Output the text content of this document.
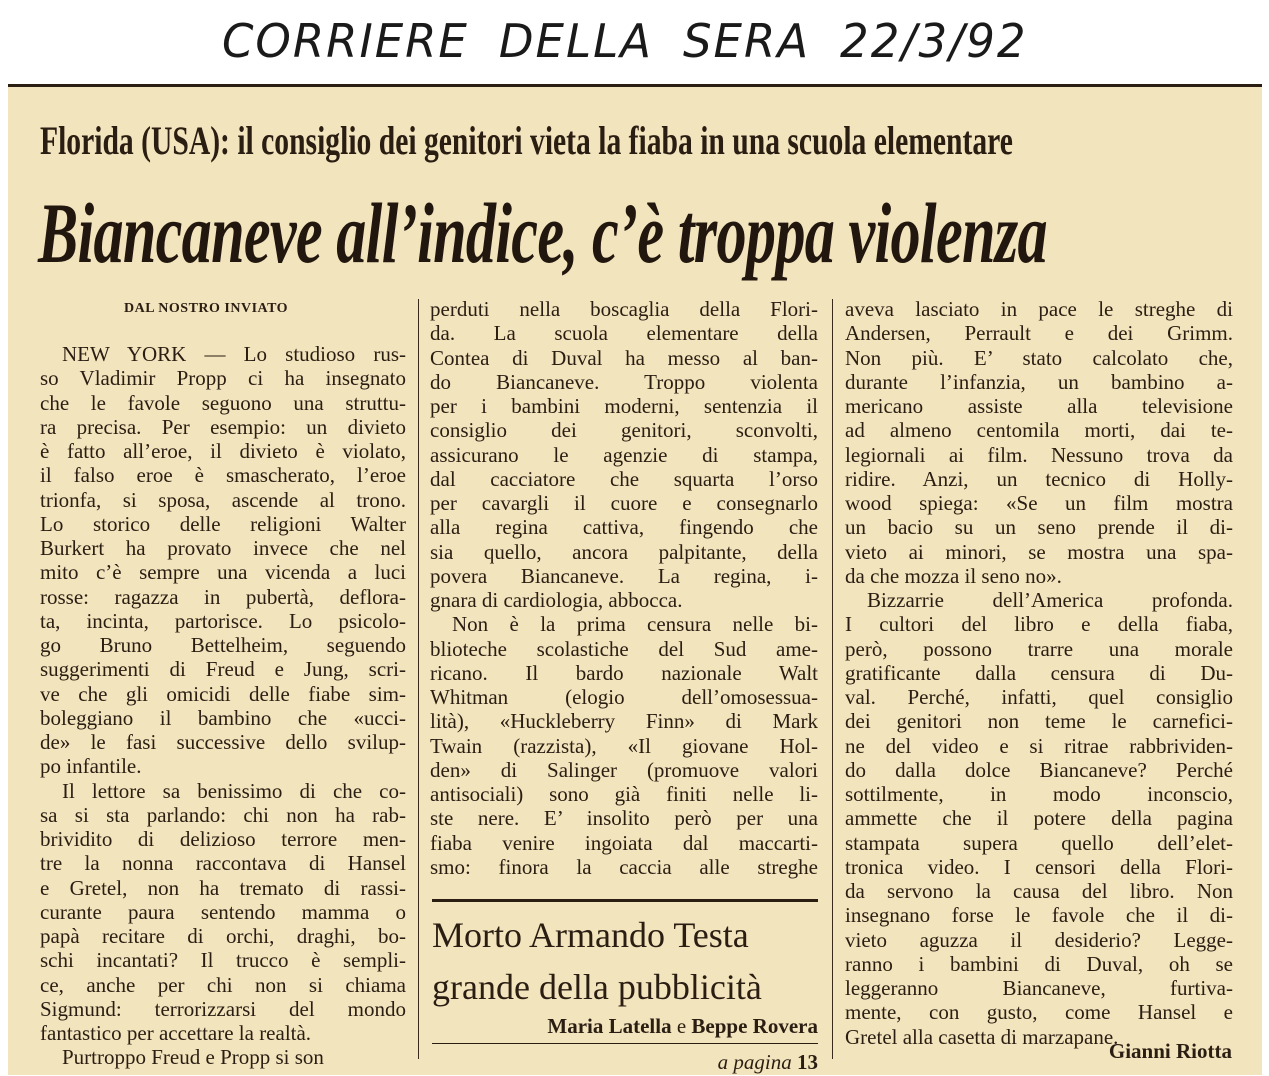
CORRIERE DELLA SERA 22/3/92
Florida (USA): il consiglio dei genitori vieta la fiaba in una scuola elementare
Biancaneve all’indice, c’è troppa violenza
DAL NOSTRO INVIATO
NEW YORK — Lo studioso rus-
so Vladimir Propp ci ha insegnato
che le favole seguono una struttu-
ra precisa. Per esempio: un divieto
è fatto all’eroe, il divieto è violato,
il falso eroe è smascherato, l’eroe
trionfa, si sposa, ascende al trono.
Lo storico delle religioni Walter
Burkert ha provato invece che nel
mito c’è sempre una vicenda a luci
rosse: ragazza in pubertà, deflora-
ta, incinta, partorisce. Lo psicolo-
go Bruno Bettelheim, seguendo
suggerimenti di Freud e Jung, scri-
ve che gli omicidi delle fiabe sim-
boleggiano il bambino che «ucci-
de» le fasi successive dello svilup-
po infantile.
Il lettore sa benissimo di che co-
sa si sta parlando: chi non ha rab-
brividito di delizioso terrore men-
tre la nonna raccontava di Hansel
e Gretel, non ha tremato di rassi-
curante paura sentendo mamma o
papà recitare di orchi, draghi, bo-
schi incantati? Il trucco è sempli-
ce, anche per chi non si chiama
Sigmund: terrorizzarsi del mondo
fantastico per accettare la realtà.
Purtroppo Freud e Propp si son
perduti nella boscaglia della Flori-
da. La scuola elementare della
Contea di Duval ha messo al ban-
do Biancaneve. Troppo violenta
per i bambini moderni, sentenzia il
consiglio dei genitori, sconvolti,
assicurano le agenzie di stampa,
dal cacciatore che squarta l’orso
per cavargli il cuore e consegnarlo
alla regina cattiva, fingendo che
sia quello, ancora palpitante, della
povera Biancaneve. La regina, i-
gnara di cardiologia, abbocca.
Non è la prima censura nelle bi-
blioteche scolastiche del Sud ame-
ricano. Il bardo nazionale Walt
Whitman (elogio dell’omosessua-
lità), «Huckleberry Finn» di Mark
Twain (razzista), «Il giovane Hol-
den» di Salinger (promuove valori
antisociali) sono già finiti nelle li-
ste nere. E’ insolito però per una
fiaba venire ingoiata dal maccarti-
smo: finora la caccia alle streghe
aveva lasciato in pace le streghe di
Andersen, Perrault e dei Grimm.
Non più. E’ stato calcolato che,
durante l’infanzia, un bambino a-
mericano assiste alla televisione
ad almeno centomila morti, dai te-
legiornali ai film. Nessuno trova da
ridire. Anzi, un tecnico di Holly-
wood spiega: «Se un film mostra
un bacio su un seno prende il di-
vieto ai minori, se mostra una spa-
da che mozza il seno no».
Bizzarrie dell’America profonda.
I cultori del libro e della fiaba,
però, possono trarre una morale
gratificante dalla censura di Du-
val. Perché, infatti, quel consiglio
dei genitori non teme le carnefici-
ne del video e si ritrae rabbrividen-
do dalla dolce Biancaneve? Perché
sottilmente, in modo inconscio,
ammette che il potere della pagina
stampata supera quello dell’elet-
tronica video. I censori della Flori-
da servono la causa del libro. Non
insegnano forse le favole che il di-
vieto aguzza il desiderio? Legge-
ranno i bambini di Duval, oh se
leggeranno Biancaneve, furtiva-
mente, con gusto, come Hansel e
Gretel alla casetta di marzapane.
Morto Armando Testa
grande della pubblicità
Maria Latella e Beppe Rovera
a pagina 13	Gianni Riotta
